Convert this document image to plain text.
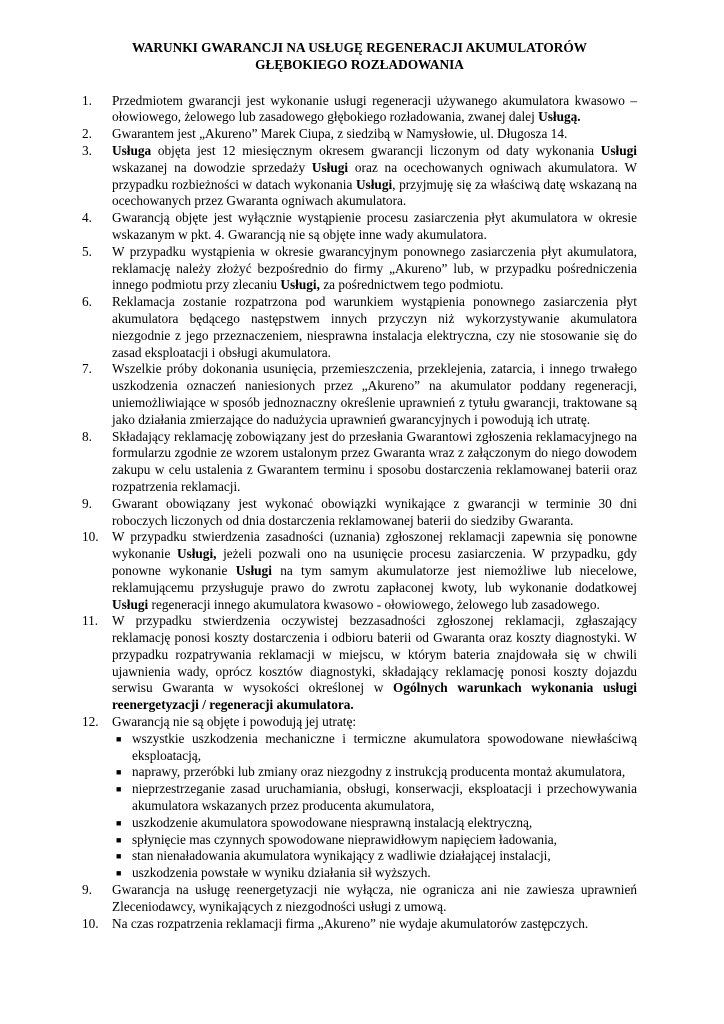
WARUNKI GWARANCJI NA USŁUGĘ REGENERACJI AKUMULATORÓW
GŁĘBOKIEGO ROZŁADOWANIA
1.	Przedmiotem gwarancji jest wykonanie usługi regeneracji używanego akumulatora kwasowo – ołowiowego, żelowego lub zasadowego głębokiego rozładowania, zwanej dalej Usługą.
2.	Gwarantem jest „Akureno” Marek Ciupa, z siedzibą w Namysłowie, ul. Długosza 14.
3.	Usługa objęta jest 12 miesięcznym okresem gwarancji liczonym od daty wykonania Usługi wskazanej na dowodzie sprzedaży Usługi oraz na ocechowanych ogniwach akumulatora. W przypadku rozbieżności w datach wykonania Usługi, przyjmuję się za właściwą datę wskazaną na ocechowanych przez Gwaranta ogniwach akumulatora.
4.	Gwarancją objęte jest wyłącznie wystąpienie procesu zasiarczenia płyt akumulatora w okresie wskazanym w pkt. 4. Gwarancją nie są objęte inne wady akumulatora.
5.	W przypadku wystąpienia w okresie gwarancyjnym ponownego zasiarczenia płyt akumulatora, reklamację należy złożyć bezpośrednio do firmy „Akureno” lub, w przypadku pośredniczenia innego podmiotu przy zlecaniu Usługi, za pośrednictwem tego podmiotu.
6.	Reklamacja zostanie rozpatrzona pod warunkiem wystąpienia ponownego zasiarczenia płyt akumulatora będącego następstwem innych przyczyn niż wykorzystywanie akumulatora niezgodnie z jego przeznaczeniem, niesprawna instalacja elektryczna, czy nie stosowanie się do zasad eksploatacji i obsługi akumulatora.
7.	Wszelkie próby dokonania usunięcia, przemieszczenia, przeklejenia, zatarcia, i innego trwałego uszkodzenia oznaczeń naniesionych przez „Akureno” na akumulator poddany regeneracji, uniemożliwiające w sposób jednoznaczny określenie uprawnień z tytułu gwarancji, traktowane są jako działania zmierzające do nadużycia uprawnień gwarancyjnych i powodują ich utratę.
8.	Składający reklamację zobowiązany jest do przesłania Gwarantowi zgłoszenia reklamacyjnego na formularzu zgodnie ze wzorem ustalonym przez Gwaranta wraz z załączonym do niego dowodem zakupu w celu ustalenia z Gwarantem terminu i sposobu dostarczenia reklamowanej baterii oraz rozpatrzenia reklamacji.
9.	Gwarant obowiązany jest wykonać obowiązki wynikające z gwarancji w terminie 30 dni roboczych liczonych od dnia dostarczenia reklamowanej baterii do siedziby Gwaranta.
10.	W przypadku stwierdzenia zasadności (uznania) zgłoszonej reklamacji zapewnia się ponowne wykonanie Usługi, jeżeli pozwali ono na usunięcie procesu zasiarczenia. W przypadku, gdy ponowne wykonanie Usługi na tym samym akumulatorze jest niemożliwe lub niecelowe, reklamującemu przysługuje prawo do zwrotu zapłaconej kwoty, lub wykonanie dodatkowej Usługi regeneracji innego akumulatora kwasowo - ołowiowego, żelowego lub zasadowego.
11.	W przypadku stwierdzenia oczywistej bezzasadności zgłoszonej reklamacji, zgłaszający reklamację ponosi koszty dostarczenia i odbioru baterii od Gwaranta oraz koszty diagnostyki. W przypadku rozpatrywania reklamacji w miejscu, w którym bateria znajdowała się w chwili ujawnienia wady, oprócz kosztów diagnostyki, składający reklamację ponosi koszty dojazdu serwisu Gwaranta w wysokości określonej w Ogólnych warunkach wykonania usługi reenergetyzacji / regeneracji akumulatora.
12.	Gwarancją nie są objęte i powodują jej utratę:
■ wszystkie uszkodzenia mechaniczne i termiczne akumulatora spowodowane niewłaściwą eksploatacją,
■ naprawy, przeróbki lub zmiany oraz niezgodny z instrukcją producenta montaż akumulatora,
■ nieprzestrzeganie zasad uruchamiania, obsługi, konserwacji, eksploatacji i przechowywania akumulatora wskazanych przez producenta akumulatora,
■ uszkodzenie akumulatora spowodowane niesprawną instalacją elektryczną,
■ spłynięcie mas czynnych spowodowane nieprawidłowym napięciem ładowania,
■ stan nienaładowania akumulatora wynikający z wadliwie działającej instalacji,
■ uszkodzenia powstałe w wyniku działania sił wyższych.
9.	Gwarancja na usługę reenergetyzacji nie wyłącza, nie ogranicza ani nie zawiesza uprawnień Zleceniodawcy, wynikających z niezgodności usługi z umową.
10.	Na czas rozpatrzenia reklamacji firma „Akureno” nie wydaje akumulatorów zastępczych.
